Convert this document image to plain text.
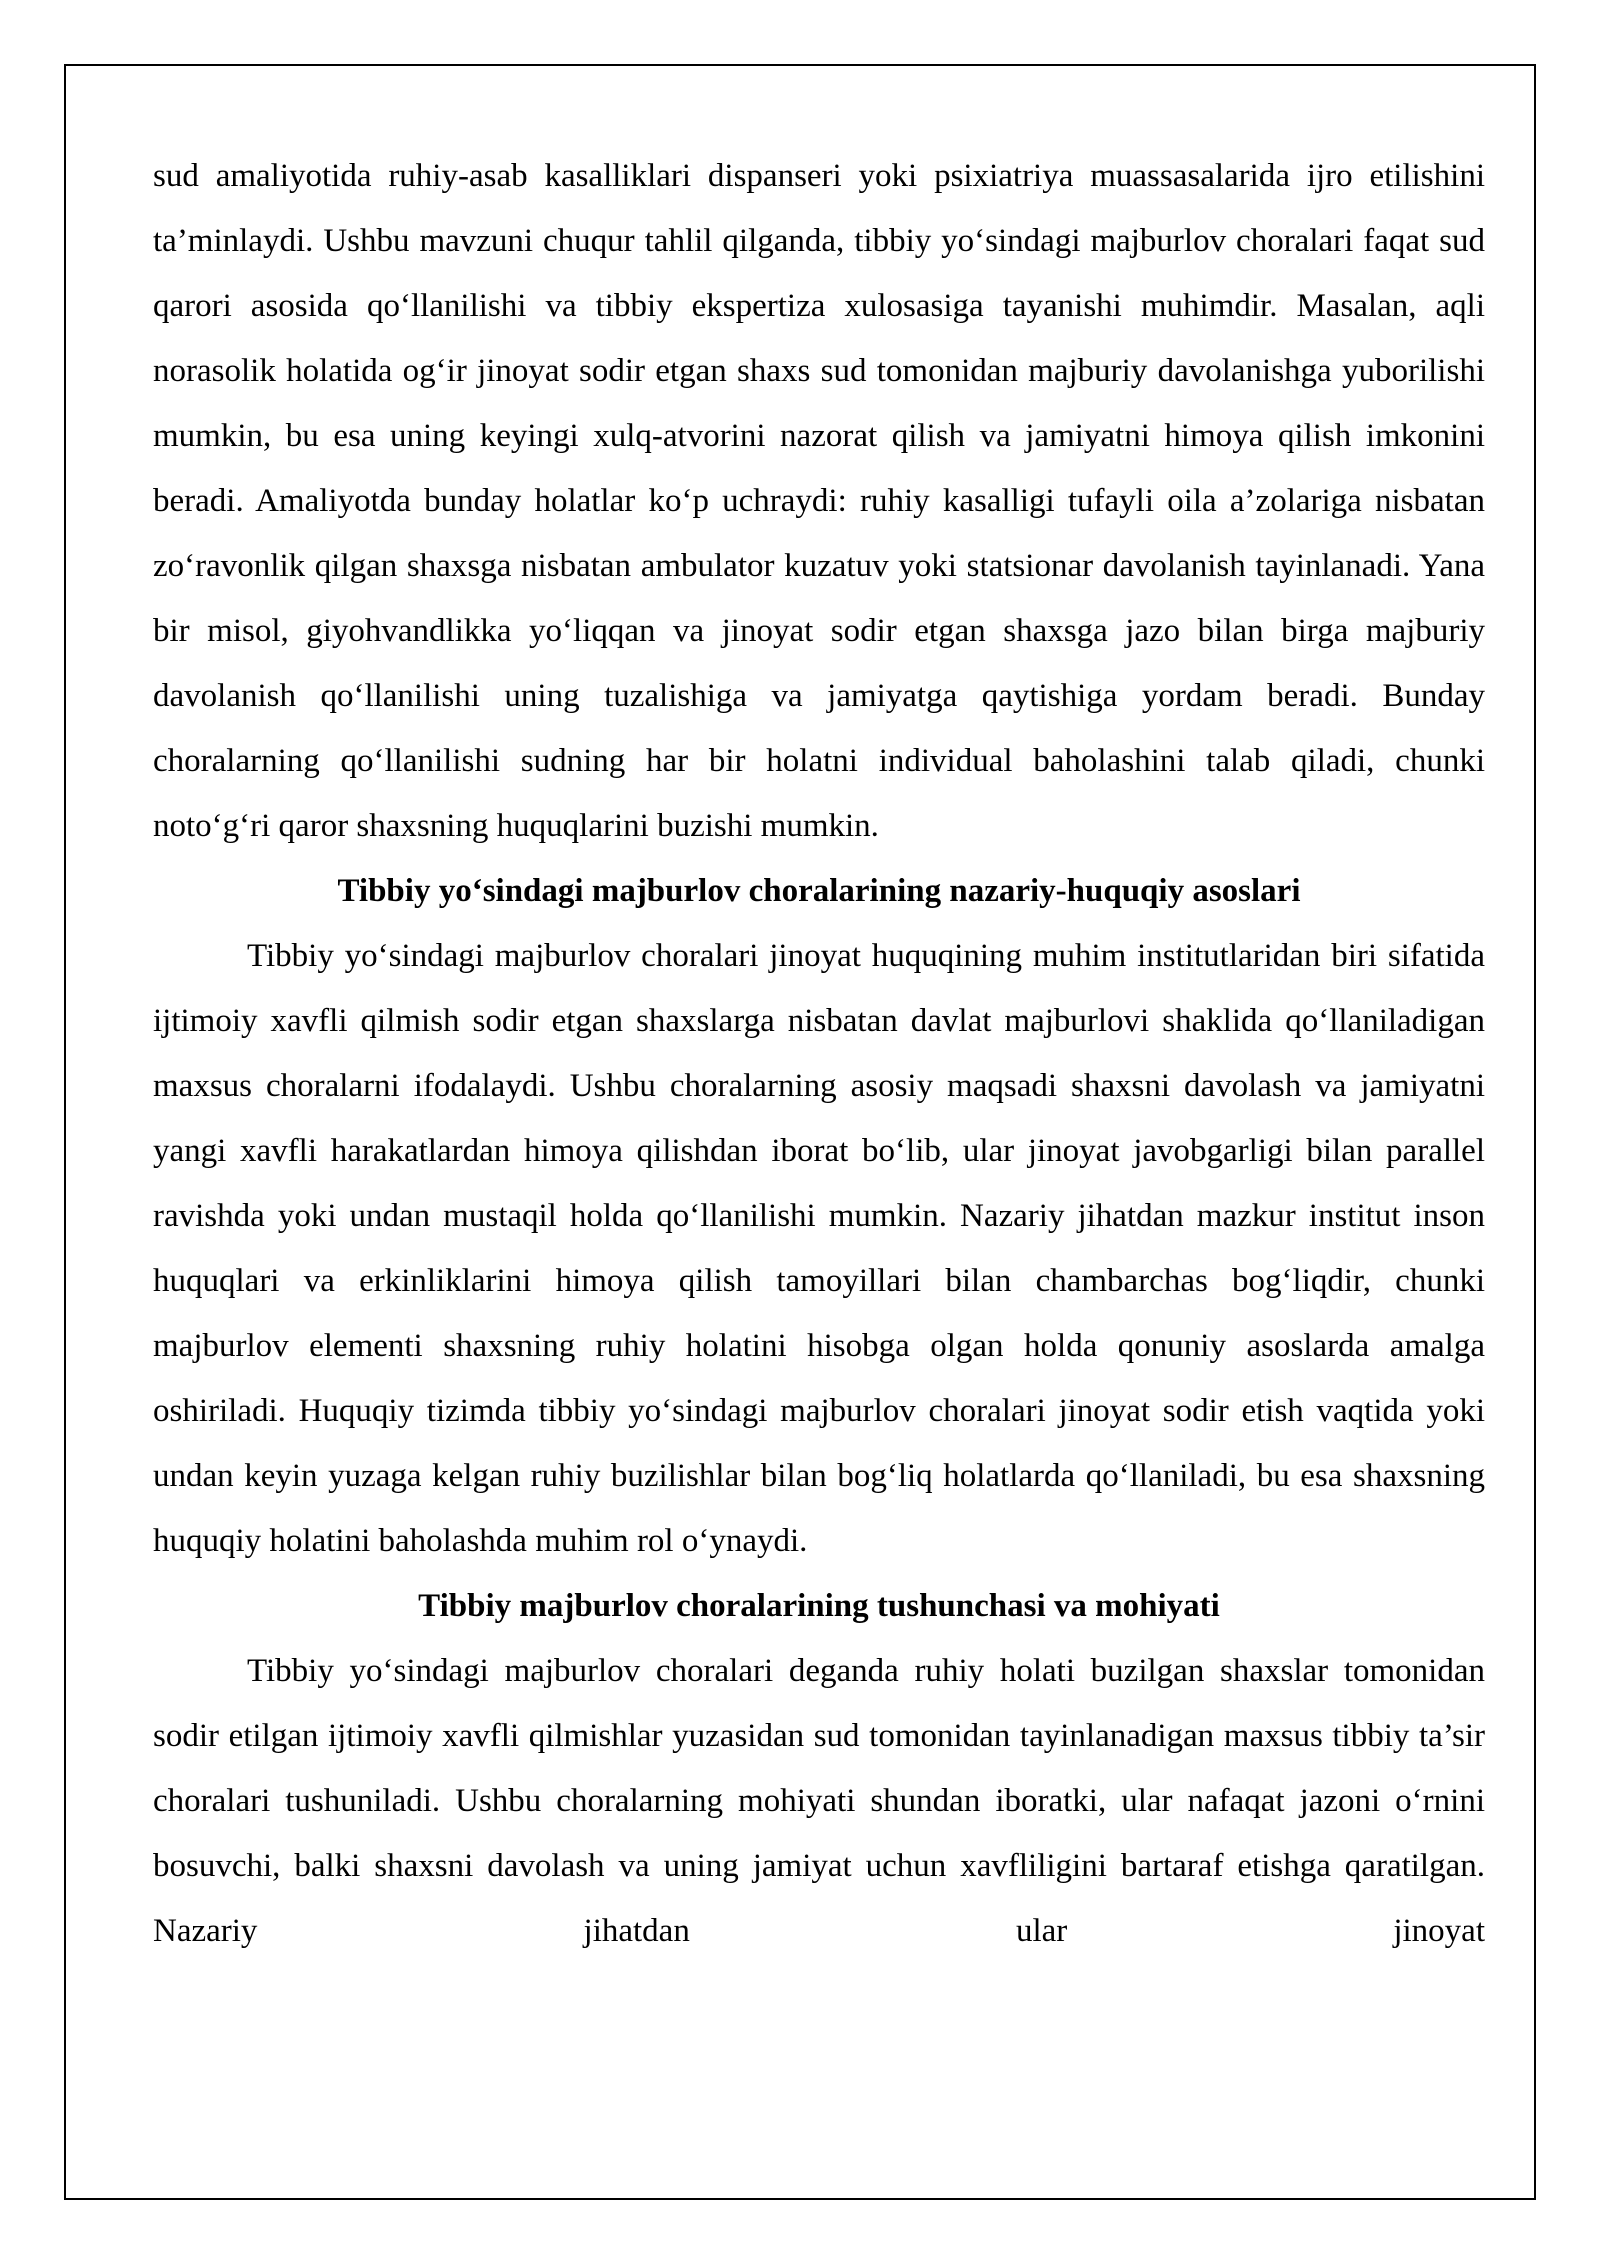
sud amaliyotida ruhiy-asab kasalliklari dispanseri yoki psixiatriya muassasalarida ijro etilishini ta’minlaydi. Ushbu mavzuni chuqur tahlil qilganda, tibbiy yo‘sindagi majburlov choralari faqat sud qarori asosida qo‘llanilishi va tibbiy ekspertiza xulosasiga tayanishi muhimdir. Masalan, aqli norasolik holatida og‘ir jinoyat sodir etgan shaxs sud tomonidan majburiy davolanishga yuborilishi mumkin, bu esa uning keyingi xulq-atvorini nazorat qilish va jamiyatni himoya qilish imkonini beradi. Amaliyotda bunday holatlar ko‘p uchraydi: ruhiy kasalligi tufayli oila a’zolariga nisbatan zo‘ravonlik qilgan shaxsga nisbatan ambulator kuzatuv yoki statsionar davolanish tayinlanadi. Yana bir misol, giyohvandlikka yo‘liqqan va jinoyat sodir etgan shaxsga jazo bilan birga majburiy davolanish qo‘llanilishi uning tuzalishiga va jamiyatga qaytishiga yordam beradi. Bunday choralarning qo‘llanilishi sudning har bir holatni individual baholashini talab qiladi, chunki noto‘g‘ri qaror shaxsning huquqlarini buzishi mumkin.

Tibbiy yo‘sindagi majburlov choralarining nazariy-huquqiy asoslari

Tibbiy yo‘sindagi majburlov choralari jinoyat huquqining muhim institutlaridan biri sifatida ijtimoiy xavfli qilmish sodir etgan shaxslarga nisbatan davlat majburlovi shaklida qo‘llaniladigan maxsus choralarni ifodalaydi. Ushbu choralarning asosiy maqsadi shaxsni davolash va jamiyatni yangi xavfli harakatlardan himoya qilishdan iborat bo‘lib, ular jinoyat javobgarligi bilan parallel ravishda yoki undan mustaqil holda qo‘llanilishi mumkin. Nazariy jihatdan mazkur institut inson huquqlari va erkinliklarini himoya qilish tamoyillari bilan chambarchas bog‘liqdir, chunki majburlov elementi shaxsning ruhiy holatini hisobga olgan holda qonuniy asoslarda amalga oshiriladi. Huquqiy tizimda tibbiy yo‘sindagi majburlov choralari jinoyat sodir etish vaqtida yoki undan keyin yuzaga kelgan ruhiy buzilishlar bilan bog‘liq holatlarda qo‘llaniladi, bu esa shaxsning huquqiy holatini baholashda muhim rol o‘ynaydi.

Tibbiy majburlov choralarining tushunchasi va mohiyati

Tibbiy yo‘sindagi majburlov choralari deganda ruhiy holati buzilgan shaxslar tomonidan sodir etilgan ijtimoiy xavfli qilmishlar yuzasidan sud tomonidan tayinlanadigan maxsus tibbiy ta’sir choralari tushuniladi. Ushbu choralarning mohiyati shundan iboratki, ular nafaqat jazoni o‘rnini bosuvchi, balki shaxsni davolash va uning jamiyat uchun xavfliligini bartaraf etishga qaratilgan. Nazariy jihatdan ular jinoyat
